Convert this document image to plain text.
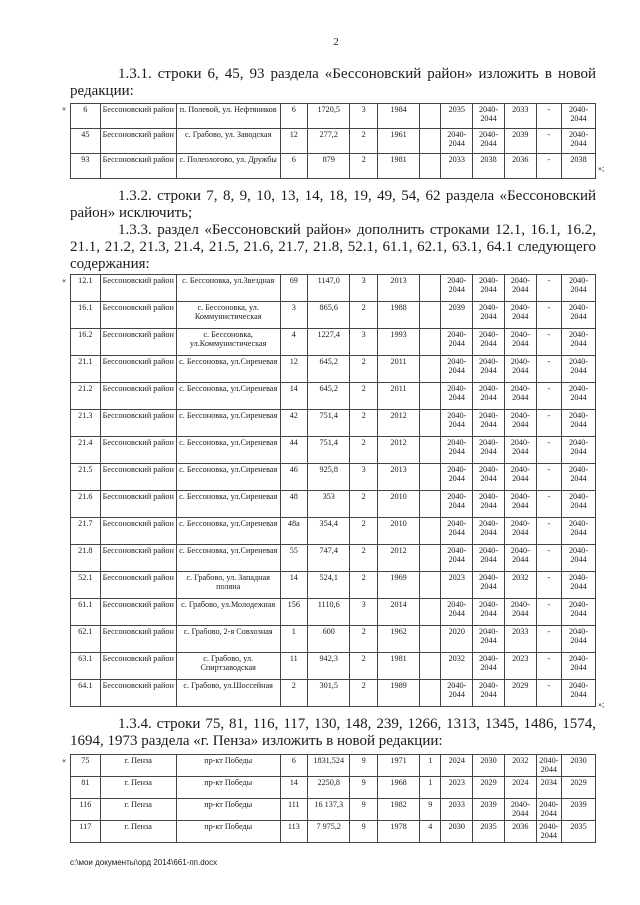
2
1.3.1. строки 6, 45, 93 раздела «Бессоновский район» изложить в новой редакции:
« 6	Бессоновский район	п. Полевой, ул. Нефтяников	6	1720,5	3	1984		2035	2040-2044	2033	-	2040-2044
45	Бессоновский район	с. Грабово, ул. Заводская	12	277,2	2	1961		2040-2044	2040-2044	2039	-	2040-2044
93	Бессоновский район	с. Полеологово, ул. Дружбы	6	879	2	1981		2033	2038	2036	-	2038
»;
1.3.2. строки 7, 8, 9, 10, 13, 14, 18, 19, 49, 54, 62 раздела «Бессоновский район» исключить;
1.3.3. раздел «Бессоновский район» дополнить строками 12.1, 16.1, 16.2, 21.1, 21.2, 21.3, 21.4, 21.5, 21.6, 21.7, 21.8, 52.1, 61.1, 62.1, 63.1, 64.1 следующего содержания:
« 12.1	Бессоновский район	с. Бессоновка, ул.Звездная	69	1147,0	3	2013		2040-2044	2040-2044	2040-2044	-	2040-2044
16.1	Бессоновский район	с. Бессоновка, ул. Коммунистическая	3	865,6	2	1988		2039	2040-2044	2040-2044	-	2040-2044
16.2	Бессоновский район	с. Бессоновка, ул.Коммунистическая	4	1227,4	3	1993		2040-2044	2040-2044	2040-2044	-	2040-2044
21.1	Бессоновский район	с. Бессоновка, ул.Сиреневая	12	645,2	2	2011		2040-2044	2040-2044	2040-2044	-	2040-2044
21.2	Бессоновский район	с. Бессоновка, ул.Сиреневая	14	645,2	2	2011		2040-2044	2040-2044	2040-2044	-	2040-2044
21.3	Бессоновский район	с. Бессоновка, ул.Сиреневая	42	751,4	2	2012		2040-2044	2040-2044	2040-2044	-	2040-2044
21.4	Бессоновский район	с. Бессоновка, ул.Сиреневая	44	751,4	2	2012		2040-2044	2040-2044	2040-2044	-	2040-2044
21.5	Бессоновский район	с. Бессоновка, ул.Сиреневая	46	925,8	3	2013		2040-2044	2040-2044	2040-2044	-	2040-2044
21.6	Бессоновский район	с. Бессоновка, ул.Сиреневая	48	353	2	2010		2040-2044	2040-2044	2040-2044	-	2040-2044
21.7	Бессоновский район	с. Бессоновка, ул.Сиреневая	48а	354,4	2	2010		2040-2044	2040-2044	2040-2044	-	2040-2044
21.8	Бессоновский район	с. Бессоновка, ул.Сиреневая	55	747,4	2	2012		2040-2044	2040-2044	2040-2044	-	2040-2044
52.1	Бессоновский район	с. Грабово, ул. Западная поляна	14	524,1	2	1969		2023	2040-2044	2032	-	2040-2044
61.1	Бессоновский район	с. Грабово, ул.Молодежная	156	1110,6	3	2014		2040-2044	2040-2044	2040-2044	-	2040-2044
62.1	Бессоновский район	с. Грабово, 2-я Совхозная	1	600	2	1962		2020	2040-2044	2033	-	2040-2044
63.1	Бессоновский район	с. Грабово, ул. Спиртзаводская	11	942,3	2	1981		2032	2040-2044	2023	-	2040-2044
64.1	Бессоновский район	с. Грабово, ул.Шоссейная	2	301,5	2	1989		2040-2044	2040-2044	2029	-	2040-2044
»;
1.3.4. строки 75, 81, 116, 117, 130, 148, 239, 1266, 1313, 1345, 1486, 1574, 1694, 1973 раздела «г. Пенза» изложить в новой редакции:
« 75	г. Пенза	пр-кт Победы	6	1831,524	9	1971	1	2024	2030	2032	2040-2044	2030
81	г. Пенза	пр-кт Победы	14	2250,8	9	1968	1	2023	2029	2024	2034	2029
116	г. Пенза	пр-кт Победы	111	16 137,3	9	1982	9	2033	2039	2040-2044	2040-2044	2039
117	г. Пенза	пр-кт Победы	113	7 975,2	9	1978	4	2030	2035	2036	2040-2044	2035
c:\мои документы\орд 2014\661-пп.docx
